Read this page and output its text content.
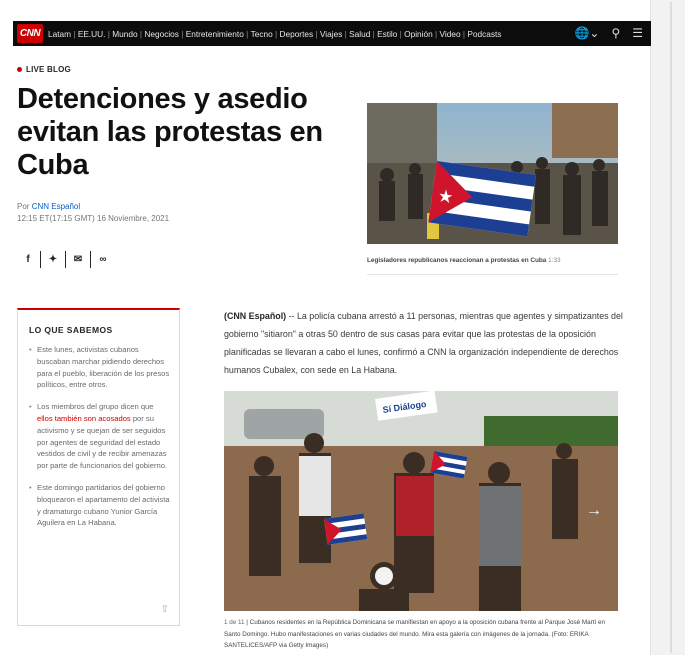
CNN Latam | EE.UU. | Mundo | Negocios | Entretenimiento | Tecno | Deportes | Viajes | Salud | Estilo | Opinión | Video | Podcasts	🌐⌄ ⚲ ☰
LIVE BLOG
Detenciones y asedio evitan las protestas en Cuba
Por CNN Español
12:15 ET(17:15 GMT) 16 Noviembre, 2021
f	✦ ✉	∞	Legisladores republicanos reaccionan a protestas en Cuba 1:33
LO QUE SABEMOS
• Este lunes, activistas cubanos buscaban marchar pidiendo derechos para el pueblo, liberación de los presos políticos, entre otros.
• Los miembros del grupo dicen que ellos también son acosados por su activismo y se quejan de ser seguidos por agentes de seguridad del estado vestidos de civil y de recibir amenazas por parte de funcionarios del gobierno.
• Este domingo partidarios del gobierno bloquearon el apartamento del activista y dramaturgo cubano Yunior García Aguilera en La Habana.
⇧

(CNN Español) -- La policía cubana arrestó a 11 personas, mientras que agentes y simpatizantes del gobierno "sitiaron" a otras 50 dentro de sus casas para evitar que las protestas de la oposición planificadas se llevaran a cabo el lunes, confirmó a CNN la organización independiente de derechos humanos Cubalex, con sede en La Habana.

Sí Diálogo
→

1 de 11 | Cubanos residentes en la República Dominicana se manifiestan en apoyo a la oposición cubana frente al Parque José Martí en Santo Domingo. Hubo manifestaciones en varias ciudades del mundo. Mira esta galería con imágenes de la jornada. (Foto: ERIKA SANTELICES/AFP via Getty Images)
